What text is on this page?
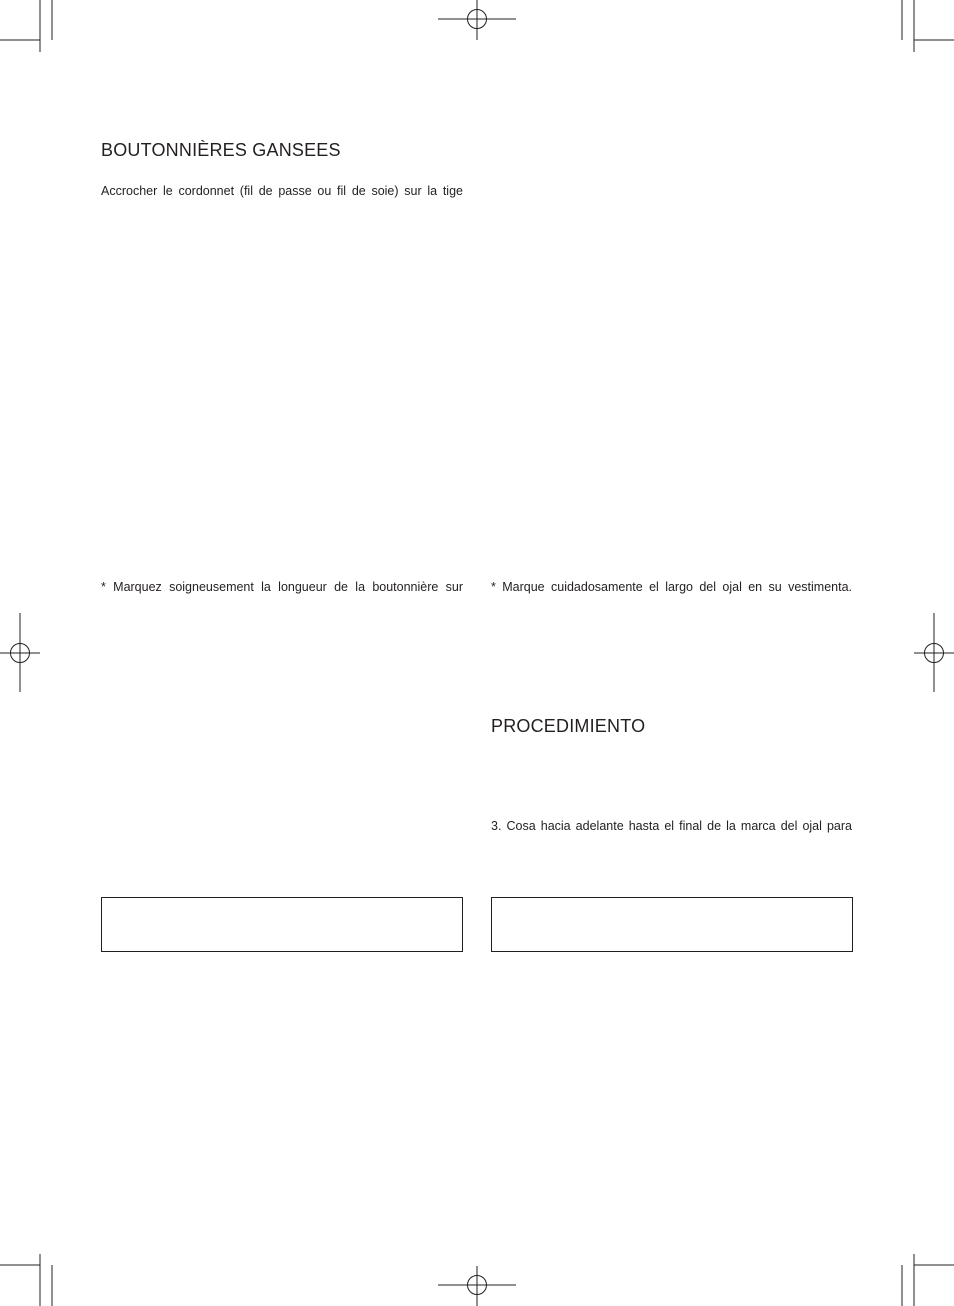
BOUTONNIÈRES GANSEES

Accrocher le cordonnet (fil de passe ou fil de soie) sur la tige

* Marquez soigneusement la longueur de la boutonnière sur * Marque cuidadosamente el largo del ojal en su vestimenta.

PROCEDIMIENTO

3. Cosa hacia adelante hasta el final de la marca del ojal para
